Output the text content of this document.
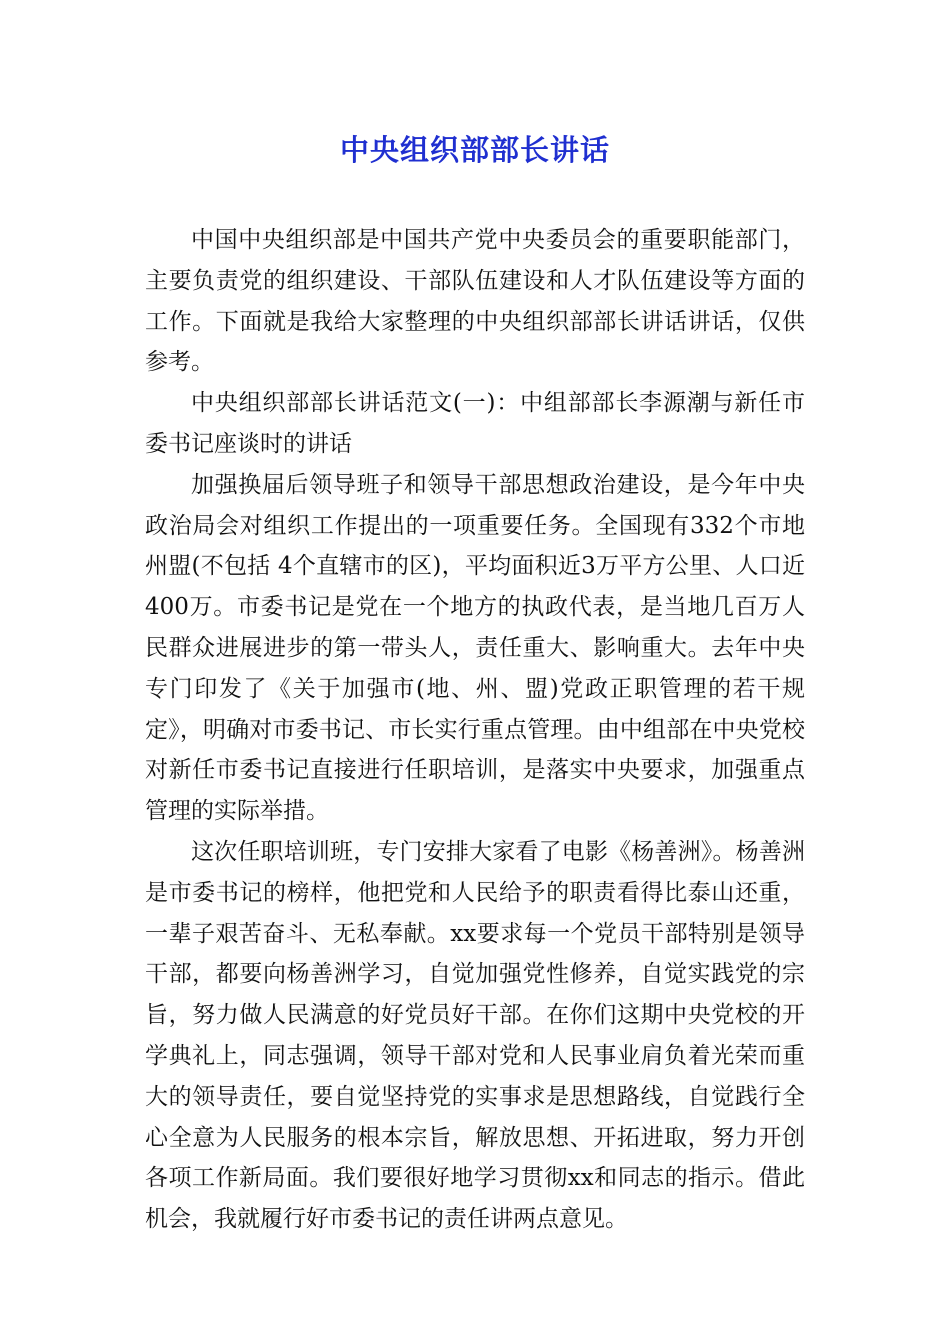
中央组织部部长讲话

中国中央组织部是中国共产党中央委员会的重要职能部门，主要负责党的组织建设、干部队伍建设和人才队伍建设等方面的工作。下面就是我给大家整理的中央组织部部长讲话讲话，仅供参考。

中央组织部部长讲话范文(一)：中组部部长李源潮与新任市委书记座谈时的讲话

加强换届后领导班子和领导干部思想政治建设，是今年中央政治局会对组织工作提出的一项重要任务。全国现有332个市地州盟(不包括 4个直辖市的区)，平均面积近3万平方公里、人口近400万。市委书记是党在一个地方的执政代表，是当地几百万人民群众进展进步的第一带头人，责任重大、影响重大。去年中央专门印发了《关于加强市(地、州、盟)党政正职管理的若干规定》，明确对市委书记、市长实行重点管理。由中组部在中央党校对新任市委书记直接进行任职培训，是落实中央要求，加强重点管理的实际举措。

这次任职培训班，专门安排大家看了电影《杨善洲》。杨善洲是市委书记的榜样，他把党和人民给予的职责看得比泰山还重，一辈子艰苦奋斗、无私奉献。xx要求每一个党员干部特别是领导干部，都要向杨善洲学习，自觉加强党性修养，自觉实践党的宗旨，努力做人民满意的好党员好干部。在你们这期中央党校的开学典礼上，同志强调，领导干部对党和人民事业肩负着光荣而重大的领导责任，要自觉坚持党的实事求是思想路线，自觉践行全心全意为人民服务的根本宗旨，解放思想、开拓进取，努力开创各项工作新局面。我们要很好地学习贯彻xx和同志的指示。借此机会，我就履行好市委书记的责任讲两点意见。
